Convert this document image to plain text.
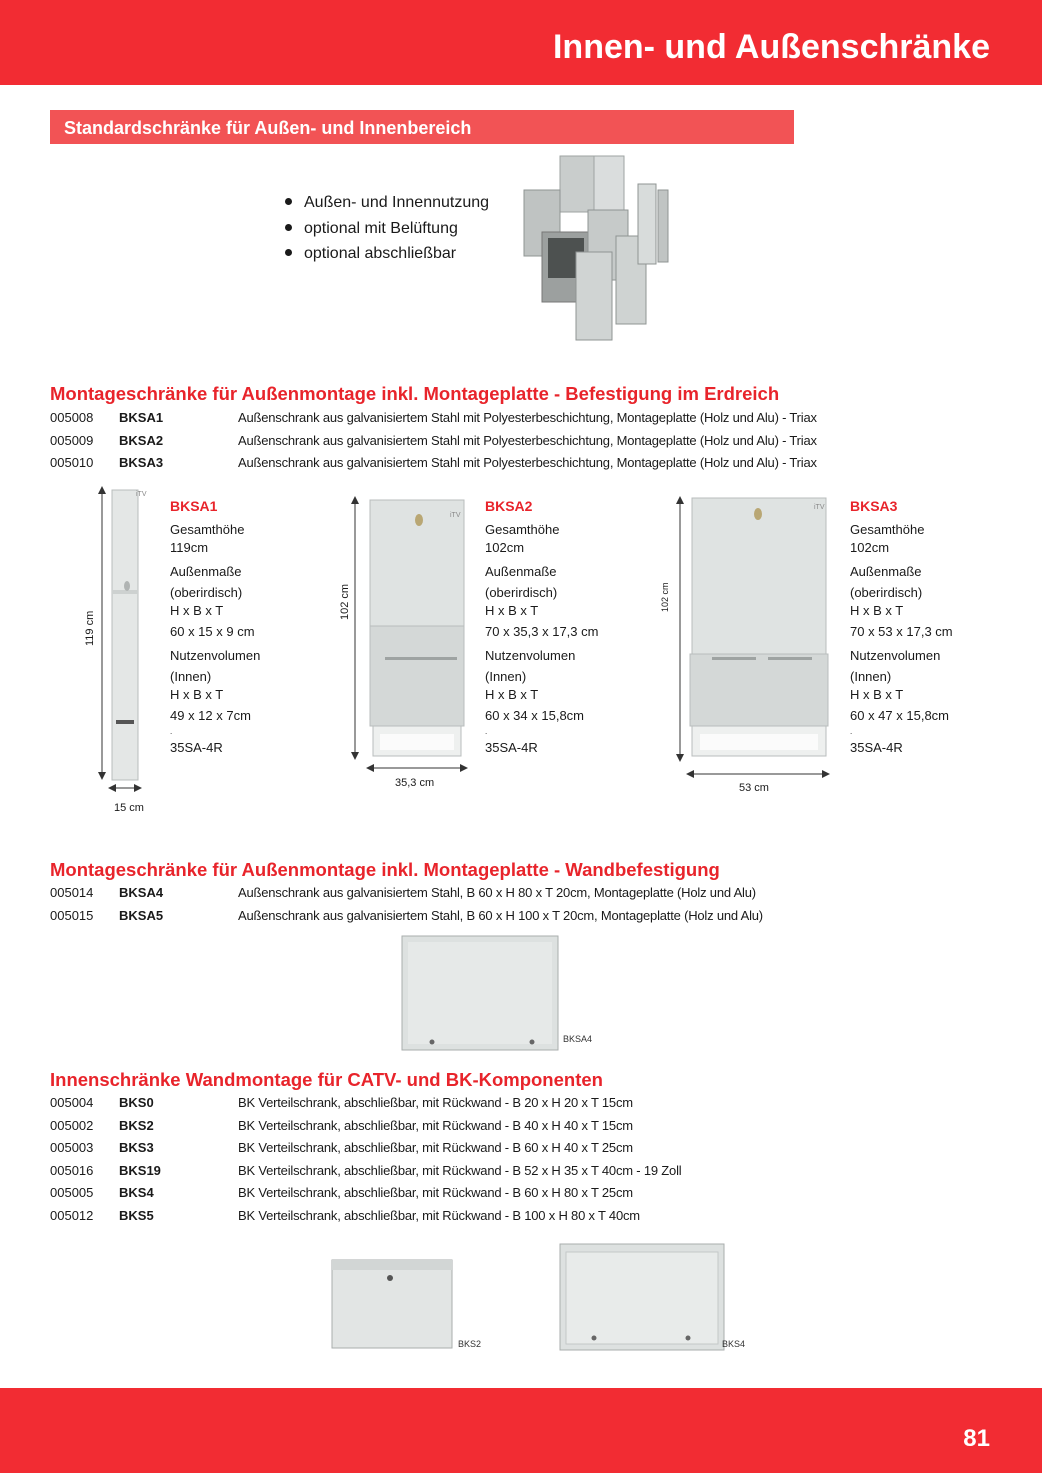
Innen- und Außenschränke
Standardschränke für Außen- und Innenbereich
Außen- und Innennutzung
optional mit Belüftung
optional abschließbar
Montageschränke für Außenmontage inkl. Montageplatte - Befestigung im Erdreich
005008 BKSA1	Außenschrank aus galvanisiertem Stahl mit Polyesterbeschichtung, Montageplatte (Holz und Alu) - Triax
005009 BKSA2	Außenschrank aus galvanisiertem Stahl mit Polyesterbeschichtung, Montageplatte (Holz und Alu) - Triax
005010 BKSA3	Außenschrank aus galvanisiertem Stahl mit Polyesterbeschichtung, Montageplatte (Holz und Alu) - Triax
iTV
119 cm
15 cm
BKSA1
Gesamthöhe
119cm
Außenmaße
(oberirdisch)
H x B x T
60 x 15 x 9 cm
Nutzenvolumen
(Innen)
H x B x T
49 x 12 x 7cm
.
35SA-4R
iTV
102 cm
35,3 cm
BKSA2
Gesamthöhe
102cm
Außenmaße
(oberirdisch)
H x B x T
70 x 35,3 x 17,3 cm
Nutzenvolumen
(Innen)
H x B x T
60 x 34 x 15,8cm
.
35SA-4R
iTV
102 cm
53 cm
BKSA3
Gesamthöhe
102cm
Außenmaße
(oberirdisch)
H x B x T
70 x 53 x 17,3 cm
Nutzenvolumen
(Innen)
H x B x T
60 x 47 x 15,8cm
.
35SA-4R
Montageschränke für Außenmontage inkl. Montageplatte - Wandbefestigung
005014 BKSA4	Außenschrank aus galvanisiertem Stahl, B 60 x H 80 x T 20cm, Montageplatte (Holz und Alu)
005015 BKSA5	Außenschrank aus galvanisiertem Stahl, B 60 x H 100 x T 20cm, Montageplatte (Holz und Alu)
BKSA4
Innenschränke Wandmontage für CATV- und BK-Komponenten
005004 BKS0	BK Verteilschrank, abschließbar, mit Rückwand - B 20 x H 20 x T 15cm
005002 BKS2	BK Verteilschrank, abschließbar, mit Rückwand - B 40 x H 40 x T 15cm
005003 BKS3	BK Verteilschrank, abschließbar, mit Rückwand - B 60 x H 40 x T 25cm
005016 BKS19	BK Verteilschrank, abschließbar, mit Rückwand - B 52 x H 35 x T 40cm - 19 Zoll
005005 BKS4	BK Verteilschrank, abschließbar, mit Rückwand - B 60 x H 80 x T 25cm
005012 BKS5	BK Verteilschrank, abschließbar, mit Rückwand - B 100 x H 80 x T 40cm
BKS2	BKS4
81
